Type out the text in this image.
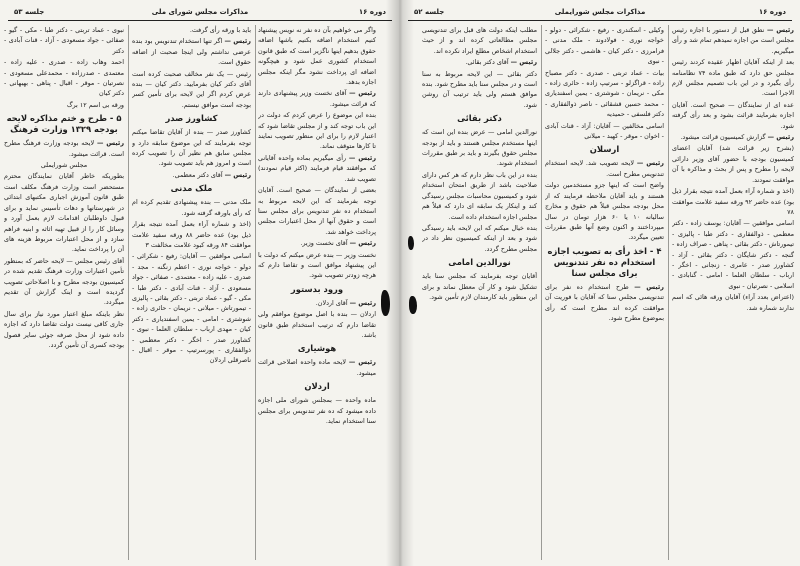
دوره ۱۶
مذاکرات مجلس شورای ملی
جلسه ۵۳

واگر می خواهیم بآن ده نفر نه نویس پیشنهاد کنیم استخدام اضافه بکنیم باشها اضافه حقوق بدهیم اینها ناگزیر است که طبق قانون استخدام کشوری عمل شود و هیچگونه اضافه ای پرداخت نشود مگر اینکه مجلس اجازه بدهد.

رئیس — آقای نخست وزیر پیشنهادی دارند که قرائت میشود.

بنده این موضوع را عرض کردم که دولت در این باب توجه کند و از مجلس تقاضا شود که اعتبار لازم را برای این منظور تصویب نمایند تا کارها متوقف نماند.

رئیس — رأی میگیریم بماده واحده آقایانی که موافقند قیام فرمایند (اکثر قیام نمودند) تصویب شد.

بعضی از نمایندگان — صحیح است. آقایان توجه بفرمایند که این لایحه مربوط به استخدام ده نفر تندنویس برای مجلس سنا است و حقوق آنها از محل اعتبارات مجلس پرداخت خواهد شد.

رئیس — آقای نخست وزیر.

نخست وزیر — بنده عرض میکنم که دولت با این پیشنهاد موافق است و تقاضا دارم که هرچه زودتر تصویب شود.

ورود بدستور

رئیس — آقای اردلان.

اردلان — بنده با اصل موضوع موافقم ولی تقاضا دارم که ترتیب استخدام طبق قانون باشد.

هوشیاری

رئیس — لایحه ماده واحده اصلاحی قرائت میشود.

اردلان

ماده واحده — بمجلس شورای ملی اجازه داده میشود که ده نفر تندنویس برای مجلس سنا استخدام نماید.

باید با ورقه رأی گرفت.

رئیس — اگر تنها استخدام تندنویس بود بنده عرضی نداشتم ولی اینجا صحبت از اضافه حقوق است.

رئیس — یک نفر مخالف صحبت کرده است آقای دکتر کیان بفرمایید. دکتر کیان — بنده عرض کردم اگر این لایحه برای تأمین کسر بودجه است موافق نیستم.

کشاورز صدر

کشاورز صدر — بنده از آقایان تقاضا میکنم توجه بفرمایند که این موضوع سابقه دارد و مجلس سابق هم نظیر آن را تصویب کرده است و امروز هم باید تصویب شود.

رئیس — آقای دکتر معظمی.

ملک مدنی

ملک مدنی — بنده پیشنهادی تقدیم کرده ام که رأی باورقه گرفته شود.

(اخذ و شماره آراء بعمل آمده نتیجه بقرار ذیل بود) عده حاضر ۸۸ ورقه سفید علامت موافقت ۸۴ ورقه کبود علامت مخالفت ۳

اسامی موافقین — آقایان: رفیع - شکرائی - دولو - خواجه نوری - اعظم زنگنه - مجد - صدری - علیه زاده - معتمدی - صفائی - جواد مسعودی - آزاد - قنات آبادی - دکتر طبا - مکی - گیو - عماد تربتی - دکتر بقائی - پالیزی - تیمورتاش - میلانی - نریمان - حائری زاده - شوشتری - امامی - یمین اسفندیاری - دکتر کیان - مهدی ارباب - سلطان العلما - نبوی - کشاورز صدر - اخگر - دکتر معظمی - ذوالفقاری - پورسرتیپ - موقر - اقبال - ناصرقلی اردلان

نبوی - عماد تربتی - دکتر طبا - مکی - گیو - صفائی - جواد مسعودی - آزاد - قنات آبادی - دکتر

احمد وهاب زاده - صدری - علیه زاده - معتمدی - صدرزاده - محمدعلی مسعودی - نصرتیان - موقر - اقبال - پناهی - بهبهانی - دکتر کیان

ورقه بی اسم ۱۲ برگ

۵ - طرح و ختم مذاکره لایحه بودجه ۱۳۲۹ وزارت فرهنگ

رئیس — لایحه بودجه وزارت فرهنگ مطرح است. قرائت میشود.

مجلس شورایملی

بطوریکه خاطر آقایان نمایندگان محترم مستحضر است وزارت فرهنگ مکلف است طبق قانون آموزش اجباری مکتبهای ابتدائی در شهرستانها و دهات تأسیس نماید و برای قبول داوطلبان اقدامات لازم بعمل آورد و وسائل کار را از قبیل تهیه اثاثه و ابنیه فراهم سازد و از محل اعتبارات مربوط هزینه های آن را پرداخت نماید.

آقای رئیس مجلس — لایحه حاضر که بمنظور تأمین اعتبارات وزارت فرهنگ تقدیم شده در کمیسیون بودجه مطرح و با اصلاحاتی تصویب گردیده است و اینک گزارش آن تقدیم میگردد.

نظر باینکه مبلغ اعتبار مورد نیاز برای سال جاری کافی نیست دولت تقاضا دارد که اجازه داده شود از محل صرفه جوئی سایر فصول بودجه کسری آن تأمین گردد.

دوره ۱۶
مذاکرات مجلس شورایملی
جلسه ۵۲

رئیس — نطق قبل از دستور با اجازه رئیس مجلس است من اجازه نمیدهم تمام شد و رأی میگیریم.

بعد از اینکه آقایان اظهار عقیده کردند رئیس مجلس حق دارد که طبق ماده ۷۴ نظامنامه رأی بگیرد و در این باب تصمیم مجلس لازم الاجرا است.

عده ای از نمایندگان — صحیح است. آقایان اجازه بفرمایند قرائت بشود و بعد رأی گرفته شود.

رئیس — گزارش کمیسیون قرائت میشود.

(بشرح زیر قرائت شد) آقایان اعضای کمیسیون بودجه با حضور آقای وزیر دارائی لایحه را مطرح و پس از بحث و مذاکره با آن موافقت نمودند.

(اخذ و شماره آراء بعمل آمده نتیجه بقرار ذیل بود) عده حاضر ۹۲ ورقه سفید علامت موافقت ۷۸

اسامی موافقین — آقایان: یوسف زاده - دکتر معظمی - ذوالفقاری - دکتر طبا - پالیزی - تیمورتاش - دکتر بقائی - پناهی - صراف زاده - گنجه - دکتر شایگان - دکتر بقائی - آزاد - کشاورز صدر - عامری - زنجانی - اخگر - ارباب - سلطان العلما - امامی - گنابادی - اسلامی - نصرتیان - نبوی

(اعتراض بعدد آراء) آقایان ورقه هائی که اسم ندارند شماره شد.

وکیلی - اسکندری - رفیع - شکرائی - دولو - خواجه نوری - فولادوند - ملک مدنی - فرامرزی - دکتر کیان - هاشمی - دکتر جلالی - نبوی

بیات - عماد تربتی - صدری - دکتر مصباح زاده - قراگزلو - سرتیپ زاده - حائری زاده - مکی - نریمان - شوشتری - یمین اسفندیاری - محمد حسین قشقائی - ناصر ذوالفقاری - دکتر فلسفی - حمیدیه

اسامی مخالفین — آقایان: آزاد - قنات آبادی - اخوان - موقر - کهبد - میلانی

ارسلان

رئیس — لایحه تصویب شد. لایحه استخدام تندنویس مطرح است.

واضح است که اینها جزو مستخدمین دولت هستند و باید آقایان ملاحظه فرمایند که از محل بودجه مجلس قبلاً هم حقوق و مخارج سالیانه ۱۰ یا ۶۰ هزار تومان در سال میپرداختند و اکنون وضع آنها طبق مقررات تعیین میگردد.

۴ - اخذ رأی به تصویب اجازه استخدام ده نفر تندنویس برای مجلس سنا

رئیس — طرح استخدام ده نفر برای تندنویسی مجلس سنا که آقایان با فوریت آن موافقت کرده اند مطرح است که رأی بموضوع مطرح شود.

مطلب اینکه دولت های قبل برای تندنویسی مجلس مطالعاتی کرده اند و از حیث استخدام اشخاص مطلع ایراد نکرده اند.

رئیس — آقای دکتر بقائی.

دکتر بقائی — این لایحه مربوط به سنا است و در مجلس سنا باید مطرح شود. بنده موافق هستم ولی باید ترتیب آن روشن شود.

دکتر بقائی

نورالدین امامی — عرض بنده این است که اینها مستخدم مجلس هستند و باید از بودجه مجلس حقوق بگیرند و باید بر طبق مقررات استخدام شوند.

بنده در این باب نظر دارم که هر کس دارای صلاحیت باشد از طریق امتحان استخدام شود و کمیسیون محاسبات مجلس رسیدگی کند و اینکار یک سابقه ای دارد که قبلاً هم مجلس اجازه استخدام داده است.

بنده خیال میکنم که این لایحه باید رسیدگی شود و بعد از اینکه کمیسیون نظر داد در مجلس مطرح گردد.

نورالدین امامی

آقایان توجه بفرمایند که مجلس سنا باید تشکیل شود و کار آن معطل نماند و برای این منظور باید کارمندان لازم تأمین شود.
